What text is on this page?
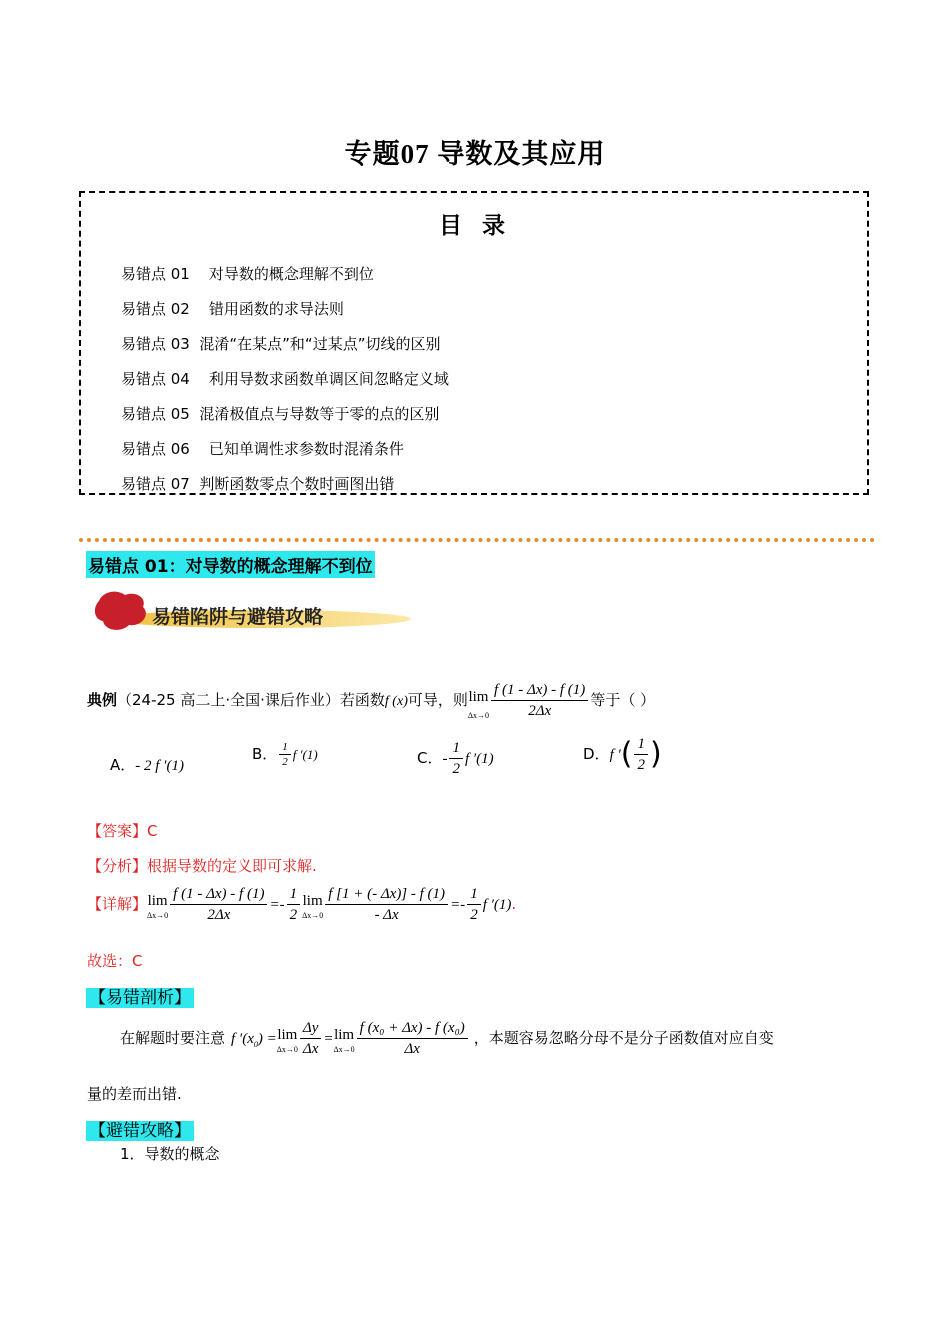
专题07 导数及其应用
目 录
易错点 01    对导数的概念理解不到位
易错点 02    错用函数的求导法则
易错点 03  混淆“在某点”和“过某点”切线的区别
易错点 04    利用导数求函数单调区间忽略定义域
易错点 05  混淆极值点与导数等于零的点的区别
易错点 06    已知单调性求参数时混淆条件
易错点 07  判断函数零点个数时画图出错
易错点 01：对导数的概念理解不到位
易错陷阱与避错攻略
典例（24-25 高二上·全国·课后作业）若函数f (x)可导，则 lim
$\Delta x\to 0 \frac{f (1 - \Delta x) - f (1)}{2\Delta x}$ 等于（ ）
A．- 2 f ′(1)
B． $\frac{1}{2}$ f ′(1)	C．- $\frac{1}{2}$ f ′(1)	D．f ′( $\frac{1}{2}$ )
【答案】C
【分析】根据导数的定义即可求解.
【详解】 lim
$\Delta x\to 0 \frac{f (1 - \Delta x) - f (1)}{2\Delta x} =- \frac{1}{2}$ lim
$\Delta x\to 0 \frac{f [1 + (- \Delta x)] - f (1)}{- \Delta x} =- \frac{1}{2}$ f ′(1).
故选：C
【易错剖析】
在解题时要注意 f $'(x_0) = \lim$
$\Delta x\to 0 \frac{\Delta y}{\Delta x} = \lim$
$\Delta x\to 0 \frac{\text{f (x₀ + Δx) - f (x₀)}}{\Delta x}$ ，本题容易忽略分母不是分子函数值对应自变
量的差而出错.
【避错攻略】
1．导数的概念
